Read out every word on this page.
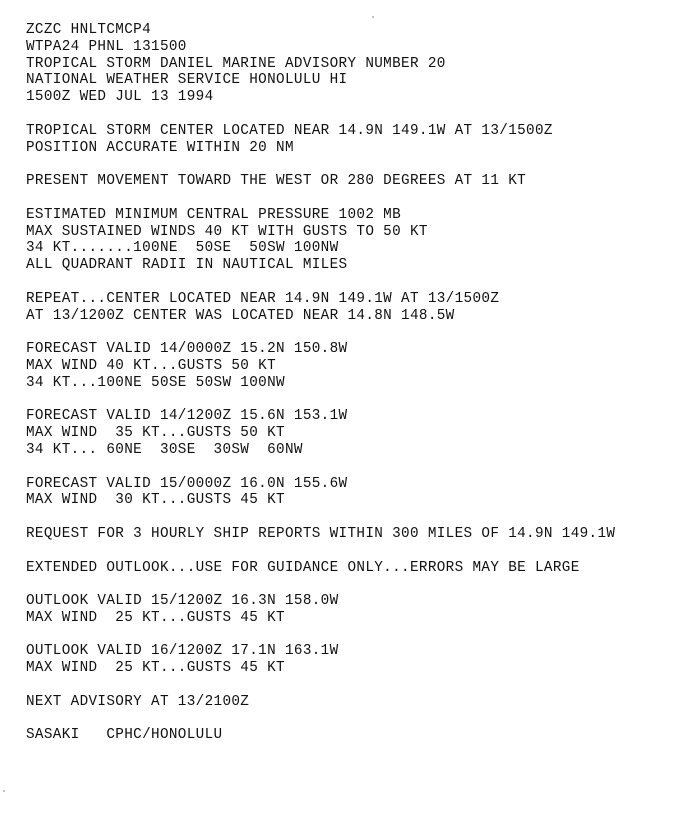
ZCZC HNLTCMCP4
WTPA24 PHNL 131500
TROPICAL STORM DANIEL MARINE ADVISORY NUMBER 20
NATIONAL WEATHER SERVICE HONOLULU HI
1500Z WED JUL 13 1994
TROPICAL STORM CENTER LOCATED NEAR 14.9N 149.1W AT 13/1500Z
POSITION ACCURATE WITHIN 20 NM
PRESENT MOVEMENT TOWARD THE WEST OR 280 DEGREES AT 11 KT
ESTIMATED MINIMUM CENTRAL PRESSURE 1002 MB
MAX SUSTAINED WINDS 40 KT WITH GUSTS TO 50 KT
34 KT.......100NE  50SE  50SW 100NW
ALL QUADRANT RADII IN NAUTICAL MILES
REPEAT...CENTER LOCATED NEAR 14.9N 149.1W AT 13/1500Z
AT 13/1200Z CENTER WAS LOCATED NEAR 14.8N 148.5W
FORECAST VALID 14/0000Z 15.2N 150.8W
MAX WIND 40 KT...GUSTS 50 KT
34 KT...100NE 50SE 50SW 100NW
FORECAST VALID 14/1200Z 15.6N 153.1W
MAX WIND  35 KT...GUSTS 50 KT
34 KT... 60NE  30SE  30SW  60NW
FORECAST VALID 15/0000Z 16.0N 155.6W
MAX WIND  30 KT...GUSTS 45 KT
REQUEST FOR 3 HOURLY SHIP REPORTS WITHIN 300 MILES OF 14.9N 149.1W
EXTENDED OUTLOOK...USE FOR GUIDANCE ONLY...ERRORS MAY BE LARGE
OUTLOOK VALID 15/1200Z 16.3N 158.0W
MAX WIND  25 KT...GUSTS 45 KT
OUTLOOK VALID 16/1200Z 17.1N 163.1W
MAX WIND  25 KT...GUSTS 45 KT
NEXT ADVISORY AT 13/2100Z
SASAKI   CPHC/HONOLULU
